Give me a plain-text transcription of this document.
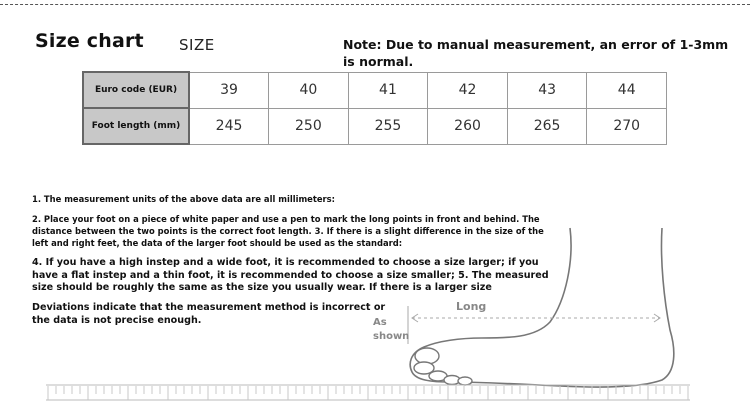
Size chart SIZE	Note: Due to manual measurement, an error of 1-3mm is normal.
Euro code (EUR)	39	40	41	42	43	44
Foot length (mm)	245	250	255	260	265	270
1. The measurement units of the above data are all millimeters:
2. Place your foot on a piece of white paper and use a pen to mark the long points in front and behind. The distance between the two points is the correct foot length. 3. If there is a slight difference in the size of the left and right feet, the data of the larger foot should be used as the standard:
4. If you have a high instep and a wide foot, it is recommended to choose a size larger; if you have a flat instep and a thin foot, it is recommended to choose a size smaller; 5. The measured size should be roughly the same as the size you usually wear. If there is a larger size
Deviations indicate that the measurement method is incorrect or the data is not precise enough.
Long
As shown
